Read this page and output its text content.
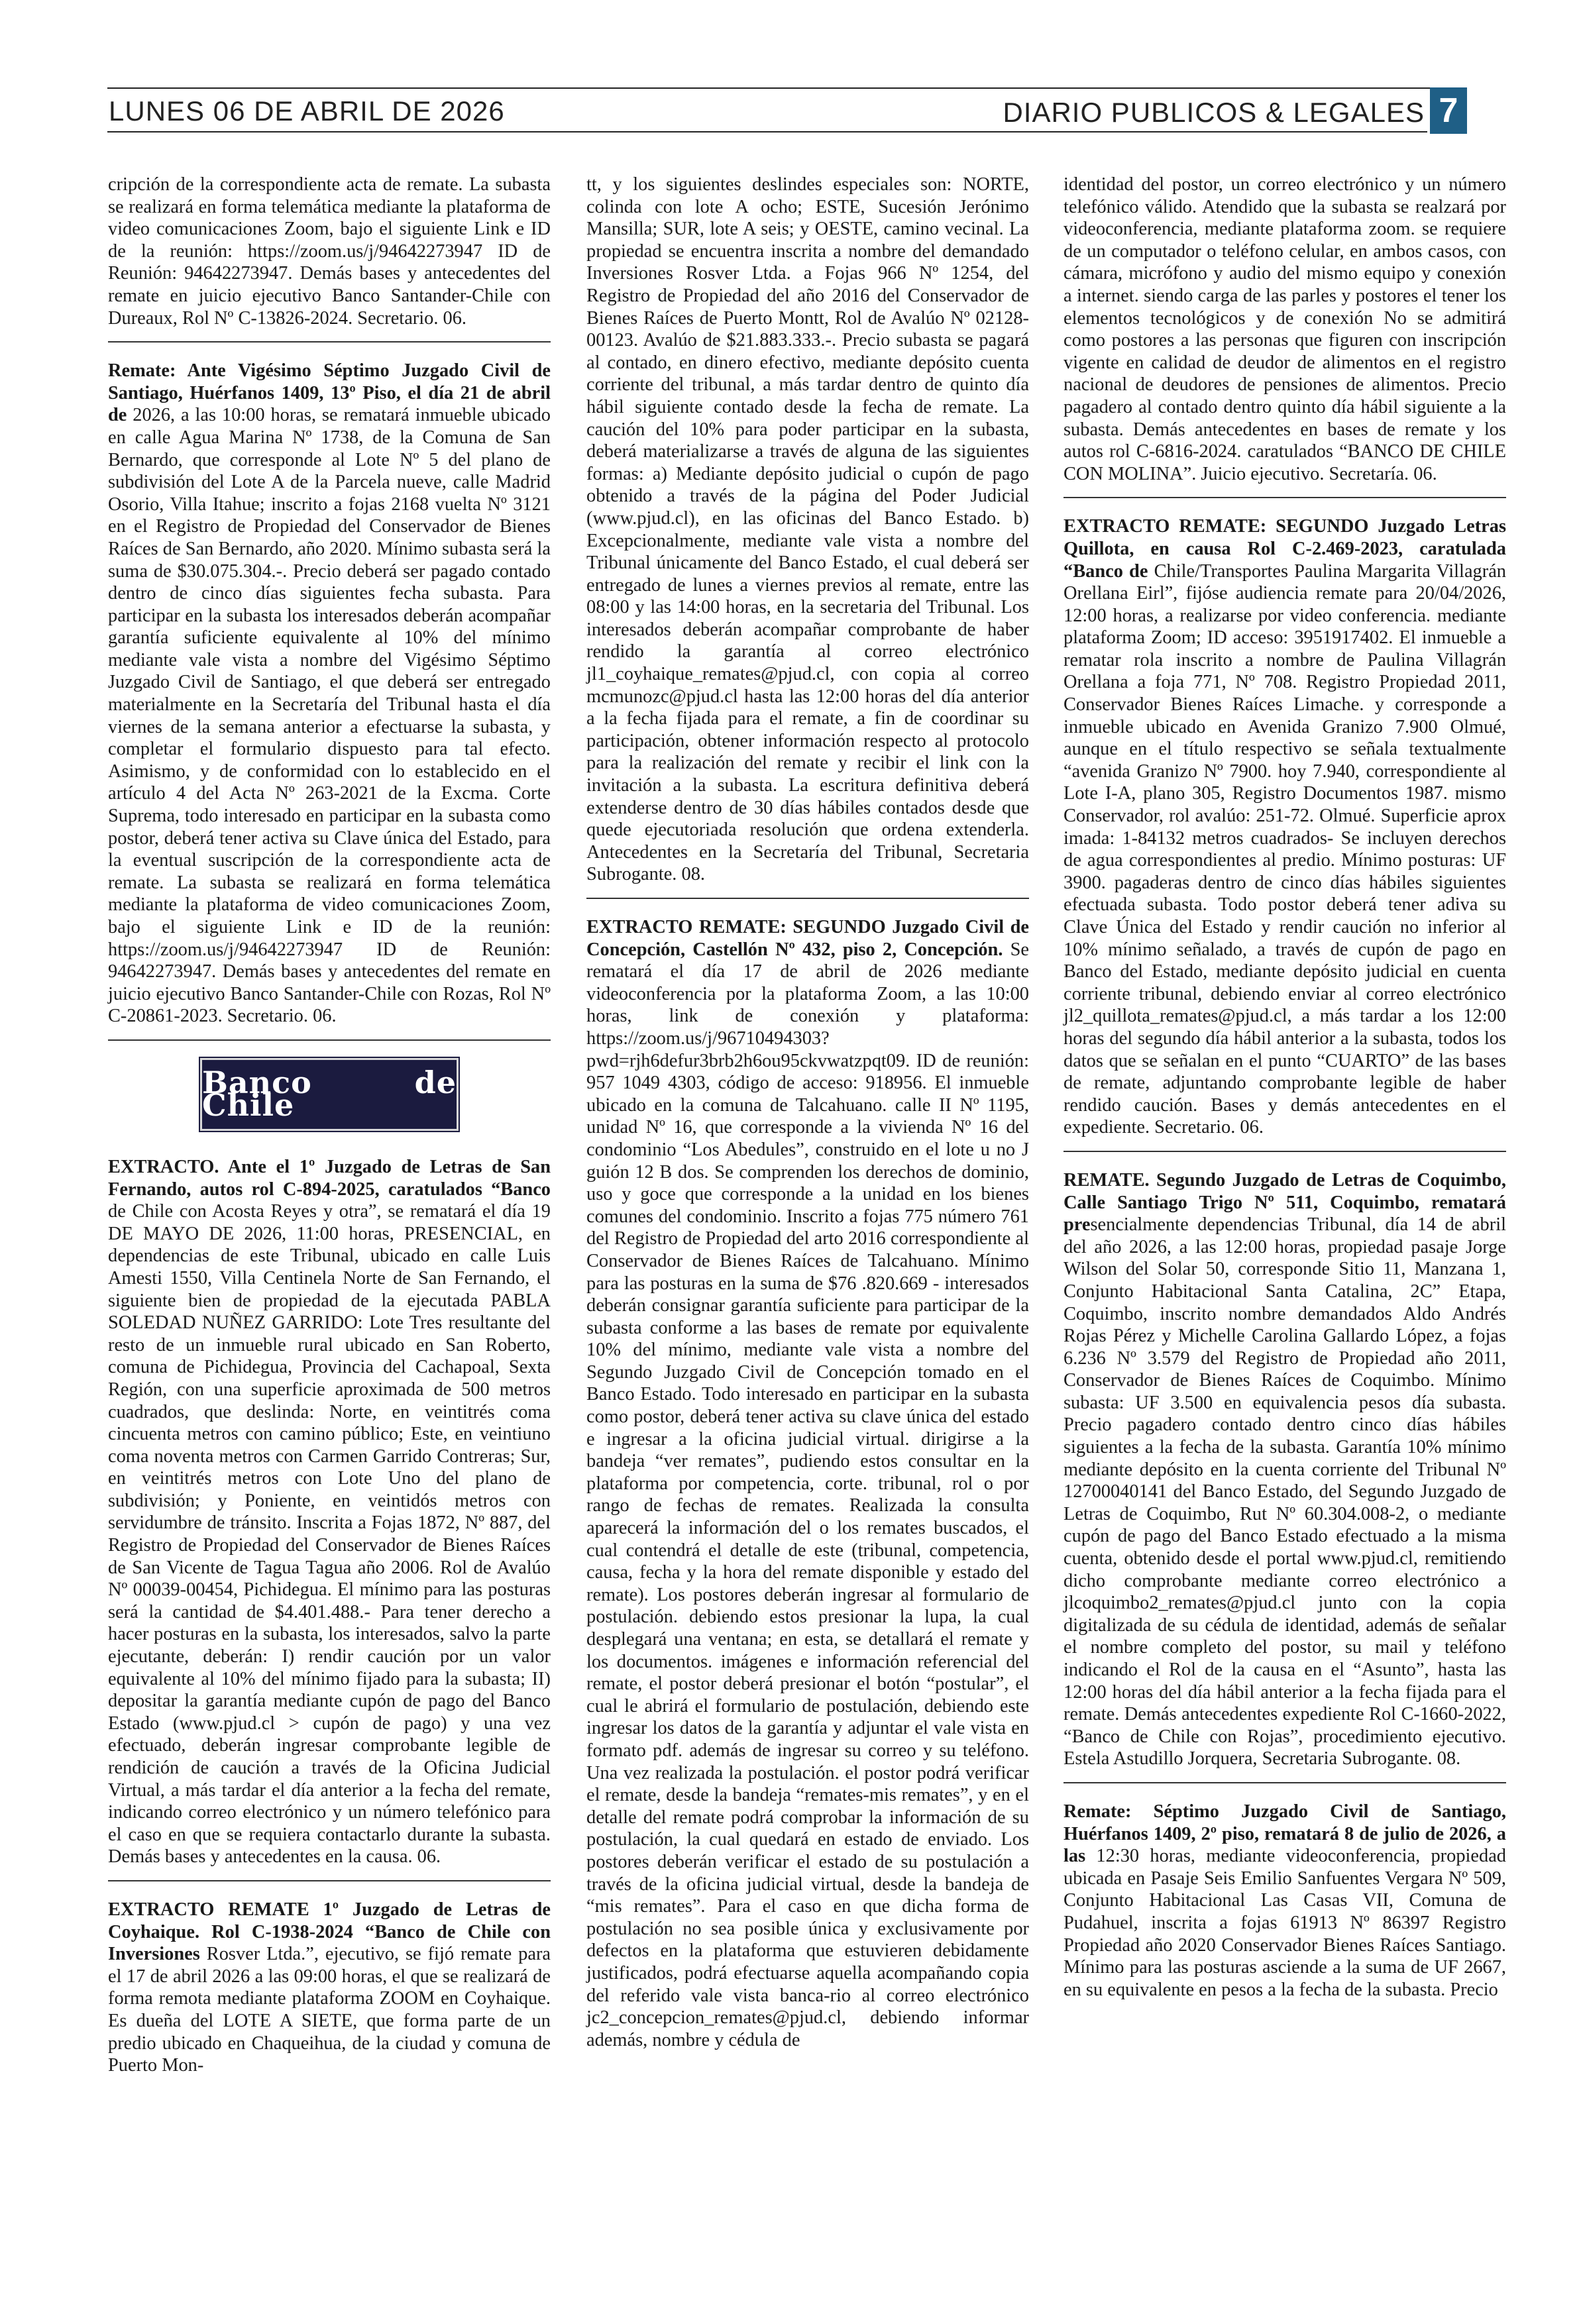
LUNES 06 DE ABRIL DE 2026	DIARIO PUBLICOS & LEGALES 7

cripción de la correspondiente acta de remate. La subasta se realizará en forma telemática mediante la plataforma de video comunicaciones Zoom, bajo el siguiente Link e ID de la reunión: https://zoom.us/j/94642273947 ID de Reunión: 94642273947. Demás bases y antecedentes del remate en juicio ejecutivo Banco Santander-Chile con Dureaux, Rol Nº C-13826-2024. Secretario. 06.

Remate: Ante Vigésimo Séptimo Juzgado Civil de Santiago, Huérfanos 1409, 13º Piso, el día 21 de abril de 2026, a las 10:00 horas, se rematará inmueble ubicado en calle Agua Marina Nº 1738, de la Comuna de San Bernardo, que corresponde al Lote Nº 5 del plano de subdivisión del Lote A de la Parcela nueve, calle Madrid Osorio, Villa Itahue; inscrito a fojas 2168 vuelta Nº 3121 en el Registro de Propiedad del Conservador de Bienes Raíces de San Bernardo, año 2020. Mínimo subasta será la suma de $30.075.304.-. Precio deberá ser pagado contado dentro de cinco días siguientes fecha subasta. Para participar en la subasta los interesados deberán acompañar garantía suficiente equivalente al 10% del mínimo mediante vale vista a nombre del Vigésimo Séptimo Juzgado Civil de Santiago, el que deberá ser entregado materialmente en la Secretaría del Tribunal hasta el día viernes de la semana anterior a efectuarse la subasta, y completar el formulario dispuesto para tal efecto. Asimismo, y de conformidad con lo establecido en el artículo 4 del Acta Nº 263-2021 de la Excma. Corte Suprema, todo interesado en participar en la subasta como postor, deberá tener activa su Clave única del Estado, para la eventual suscripción de la correspondiente acta de remate. La subasta se realizará en forma telemática mediante la plataforma de video comunicaciones Zoom, bajo el siguiente Link e ID de la reunión: https://zoom.us/j/94642273947 ID de Reunión: 94642273947. Demás bases y antecedentes del remate en juicio ejecutivo Banco Santander-Chile con Rozas, Rol Nº C-20861-2023. Secretario. 06.

Banco de Chile

EXTRACTO. Ante el 1º Juzgado de Letras de San Fernando, autos rol C-894-2025, caratulados “Banco de Chile con Acosta Reyes y otra”, se rematará el día 19 DE MAYO DE 2026, 11:00 horas, PRESENCIAL, en dependencias de este Tribunal, ubicado en calle Luis Amesti 1550, Villa Centinela Norte de San Fernando, el siguiente bien de propiedad de la ejecutada PABLA SOLEDAD NUÑEZ GARRIDO: Lote Tres resultante del resto de un inmueble rural ubicado en San Roberto, comuna de Pichidegua, Provincia del Cachapoal, Sexta Región, con una superficie aproximada de 500 metros cuadrados, que deslinda: Norte, en veintitrés coma cincuenta metros con camino público; Este, en veintiuno coma noventa metros con Carmen Garrido Contreras; Sur, en veintitrés metros con Lote Uno del plano de subdivisión; y Poniente, en veintidós metros con servidumbre de tránsito. Inscrita a Fojas 1872, Nº 887, del Registro de Propiedad del Conservador de Bienes Raíces de San Vicente de Tagua Tagua año 2006. Rol de Avalúo Nº 00039-00454, Pichidegua. El mínimo para las posturas será la cantidad de $4.401.488.- Para tener derecho a hacer posturas en la subasta, los interesados, salvo la parte ejecutante, deberán: I) rendir caución por un valor equivalente al 10% del mínimo fijado para la subasta; II) depositar la garantía mediante cupón de pago del Banco Estado (www.pjud.cl > cupón de pago) y una vez efectuado, deberán ingresar comprobante legible de rendición de caución a través de la Oficina Judicial Virtual, a más tardar el día anterior a la fecha del remate, indicando correo electrónico y un número telefónico para el caso en que se requiera contactarlo durante la subasta. Demás bases y antecedentes en la causa. 06.

EXTRACTO REMATE 1º Juzgado de Letras de Coyhaique. Rol C-1938-2024 “Banco de Chile con Inversiones Rosver Ltda.”, ejecutivo, se fijó remate para el 17 de abril 2026 a las 09:00 horas, el que se realizará de forma remota mediante plataforma ZOOM en Coyhaique. Es dueña del LOTE A SIETE, que forma parte de un predio ubicado en Chaqueihua, de la ciudad y comuna de Puerto Mon-

tt, y los siguientes deslindes especiales son: NORTE, colinda con lote A ocho; ESTE, Sucesión Jerónimo Mansilla; SUR, lote A seis; y OESTE, camino vecinal. La propiedad se encuentra inscrita a nombre del demandado Inversiones Rosver Ltda. a Fojas 966 Nº 1254, del Registro de Propiedad del año 2016 del Conservador de Bienes Raíces de Puerto Montt, Rol de Avalúo Nº 02128-00123. Avalúo de $21.883.333.-. Precio subasta se pagará al contado, en dinero efectivo, mediante depósito cuenta corriente del tribunal, a más tardar dentro de quinto día hábil siguiente contado desde la fecha de remate. La caución del 10% para poder participar en la subasta, deberá materializarse a través de alguna de las siguientes formas: a) Mediante depósito judicial o cupón de pago obtenido a través de la página del Poder Judicial (www.pjud.cl), en las oficinas del Banco Estado. b) Excepcionalmente, mediante vale vista a nombre del Tribunal únicamente del Banco Estado, el cual deberá ser entregado de lunes a viernes previos al remate, entre las 08:00 y las 14:00 horas, en la secretaria del Tribunal. Los interesados deberán acompañar comprobante de haber rendido la garantía al correo electrónico jl1_coyhaique_remates@pjud.cl, con copia al correo mcmunozc@pjud.cl hasta las 12:00 horas del día anterior a la fecha fijada para el remate, a fin de coordinar su participación, obtener información respecto al protocolo para la realización del remate y recibir el link con la invitación a la subasta. La escritura definitiva deberá extenderse dentro de 30 días hábiles contados desde que quede ejecutoriada resolución que ordena extenderla. Antecedentes en la Secretaría del Tribunal, Secretaria Subrogante. 08.

EXTRACTO REMATE: SEGUNDO Juzgado Civil de Concepción, Castellón Nº 432, piso 2, Concepción. Se rematará el día 17 de abril de 2026 mediante videoconferencia por la plataforma Zoom, a las 10:00 horas, link de conexión y plataforma: https://zoom.us/j/96710494303?pwd=rjh6defur3brb2h6ou95ckvwatzpqt09. ID de reunión: 957 1049 4303, código de acceso: 918956. El inmueble ubicado en la comuna de Talcahuano. calle II Nº 1195, unidad Nº 16, que corresponde a la vivienda Nº 16 del condominio “Los Abedules”, construido en el lote u no J guión 12 B dos. Se comprenden los derechos de dominio, uso y goce que corresponde a la unidad en los bienes comunes del condominio. Inscrito a fojas 775 número 761 del Registro de Propiedad del arto 2016 correspondiente al Conservador de Bienes Raíces de Talcahuano. Mínimo para las posturas en la suma de $76 .820.669 - interesados deberán consignar garantía suficiente para participar de la subasta conforme a las bases de remate por equivalente 10% del mínimo, mediante vale vista a nombre del Segundo Juzgado Civil de Concepción tomado en el Banco Estado. Todo interesado en participar en la subasta como postor, deberá tener activa su clave única del estado e ingresar a la oficina judicial virtual. dirigirse a la bandeja “ver remates”, pudiendo estos consultar en la plataforma por competencia, corte. tribunal, rol o por rango de fechas de remates. Realizada la consulta aparecerá la información del o los remates buscados, el cual contendrá el detalle de este (tribunal, competencia, causa, fecha y la hora del remate disponible y estado del remate). Los postores deberán ingresar al formulario de postulación. debiendo estos presionar la lupa, la cual desplegará una ventana; en esta, se detallará el remate y los documentos. imágenes e información referencial del remate, el postor deberá presionar el botón “postular”, el cual le abrirá el formulario de postulación, debiendo este ingresar los datos de la garantía y adjuntar el vale vista en formato pdf. además de ingresar su correo y su teléfono. Una vez realizada la postulación. el postor podrá verificar el remate, desde la bandeja “remates-mis remates”, y en el detalle del remate podrá comprobar la información de su postulación, la cual quedará en estado de enviado. Los postores deberán verificar el estado de su postulación a través de la oficina judicial virtual, desde la bandeja de “mis remates”. Para el caso en que dicha forma de postulación no sea posible única y exclusivamente por defectos en la plataforma que estuvieren debidamente justificados, podrá efectuarse aquella acompañando copia del referido vale vista banca-rio al correo electrónico jc2_concepcion_remates@pjud.cl, debiendo informar además, nombre y cédula de

identidad del postor, un correo electrónico y un número telefónico válido. Atendido que la subasta se realzará por videoconferencia, mediante plataforma zoom. se requiere de un computador o teléfono celular, en ambos casos, con cámara, micrófono y audio del mismo equipo y conexión a internet. siendo carga de las parles y postores el tener los elementos tecnológicos y de conexión No se admitirá como postores a las personas que figuren con inscripción vigente en calidad de deudor de alimentos en el registro nacional de deudores de pensiones de alimentos. Precio pagadero al contado dentro quinto día hábil siguiente a la subasta. Demás antecedentes en bases de remate y los autos rol C-6816-2024. caratulados “BANCO DE CHILE CON MOLINA”. Juicio ejecutivo. Secretaría. 06.

EXTRACTO REMATE: SEGUNDO Juzgado Letras Quillota, en causa Rol C-2.469-2023, caratulada “Banco de Chile/Transportes Paulina Margarita Villagrán Orellana Eirl”, fijóse audiencia remate para 20/04/2026, 12:00 horas, a realizarse por video conferencia. mediante plataforma Zoom; ID acceso: 3951917402. El inmueble a rematar rola inscrito a nombre de Paulina Villagrán Orellana a foja 771, Nº 708. Registro Propiedad 2011, Conservador Bienes Raíces Limache. y corresponde a inmueble ubicado en Avenida Granizo 7.900 Olmué, aunque en el título respectivo se señala textualmente “avenida Granizo Nº 7900. hoy 7.940, correspondiente al Lote I-A, plano 305, Registro Documentos 1987. mismo Conservador, rol avalúo: 251-72. Olmué. Superficie aprox imada: 1-84132 metros cuadrados- Se incluyen derechos de agua correspondientes al predio. Mínimo posturas: UF 3900. pagaderas dentro de cinco días hábiles siguientes efectuada subasta. Todo postor deberá tener adiva su Clave Única del Estado y rendir caución no inferior al 10% mínimo señalado, a través de cupón de pago en Banco del Estado, mediante depósito judicial en cuenta corriente tribunal, debiendo enviar al correo electrónico jl2_quillota_remates@pjud.cl, a más tardar a los 12:00 horas del segundo día hábil anterior a la subasta, todos los datos que se señalan en el punto “CUARTO” de las bases de remate, adjuntando comprobante legible de haber rendido caución. Bases y demás antecedentes en el expediente. Secretario. 06.

REMATE. Segundo Juzgado de Letras de Coquimbo, Calle Santiago Trigo Nº 511, Coquimbo, rematará presencialmente dependencias Tribunal, día 14 de abril del año 2026, a las 12:00 horas, propiedad pasaje Jorge Wilson del Solar 50, corresponde Sitio 11, Manzana 1, Conjunto Habitacional Santa Catalina, 2C” Etapa, Coquimbo, inscrito nombre demandados Aldo Andrés Rojas Pérez y Michelle Carolina Gallardo López, a fojas 6.236 Nº 3.579 del Registro de Propiedad año 2011, Conservador de Bienes Raíces de Coquimbo. Mínimo subasta: UF 3.500 en equivalencia pesos día subasta. Precio pagadero contado dentro cinco días hábiles siguientes a la fecha de la subasta. Garantía 10% mínimo mediante depósito en la cuenta corriente del Tribunal Nº 12700040141 del Banco Estado, del Segundo Juzgado de Letras de Coquimbo, Rut Nº 60.304.008-2, o mediante cupón de pago del Banco Estado efectuado a la misma cuenta, obtenido desde el portal www.pjud.cl, remitiendo dicho comprobante mediante correo electrónico a jlcoquimbo2_remates@pjud.cl junto con la copia digitalizada de su cédula de identidad, además de señalar el nombre completo del postor, su mail y teléfono indicando el Rol de la causa en el “Asunto”, hasta las 12:00 horas del día hábil anterior a la fecha fijada para el remate. Demás antecedentes expediente Rol C-1660-2022, “Banco de Chile con Rojas”, procedimiento ejecutivo. Estela Astudillo Jorquera, Secretaria Subrogante. 08.

Remate: Séptimo Juzgado Civil de Santiago, Huérfanos 1409, 2º piso, rematará 8 de julio de 2026, a las 12:30 horas, mediante videoconferencia, propiedad ubicada en Pasaje Seis Emilio Sanfuentes Vergara Nº 509, Conjunto Habitacional Las Casas VII, Comuna de Pudahuel, inscrita a fojas 61913 Nº 86397 Registro Propiedad año 2020 Conservador Bienes Raíces Santiago. Mínimo para las posturas asciende a la suma de UF 2667, en su equivalente en pesos a la fecha de la subasta. Precio
